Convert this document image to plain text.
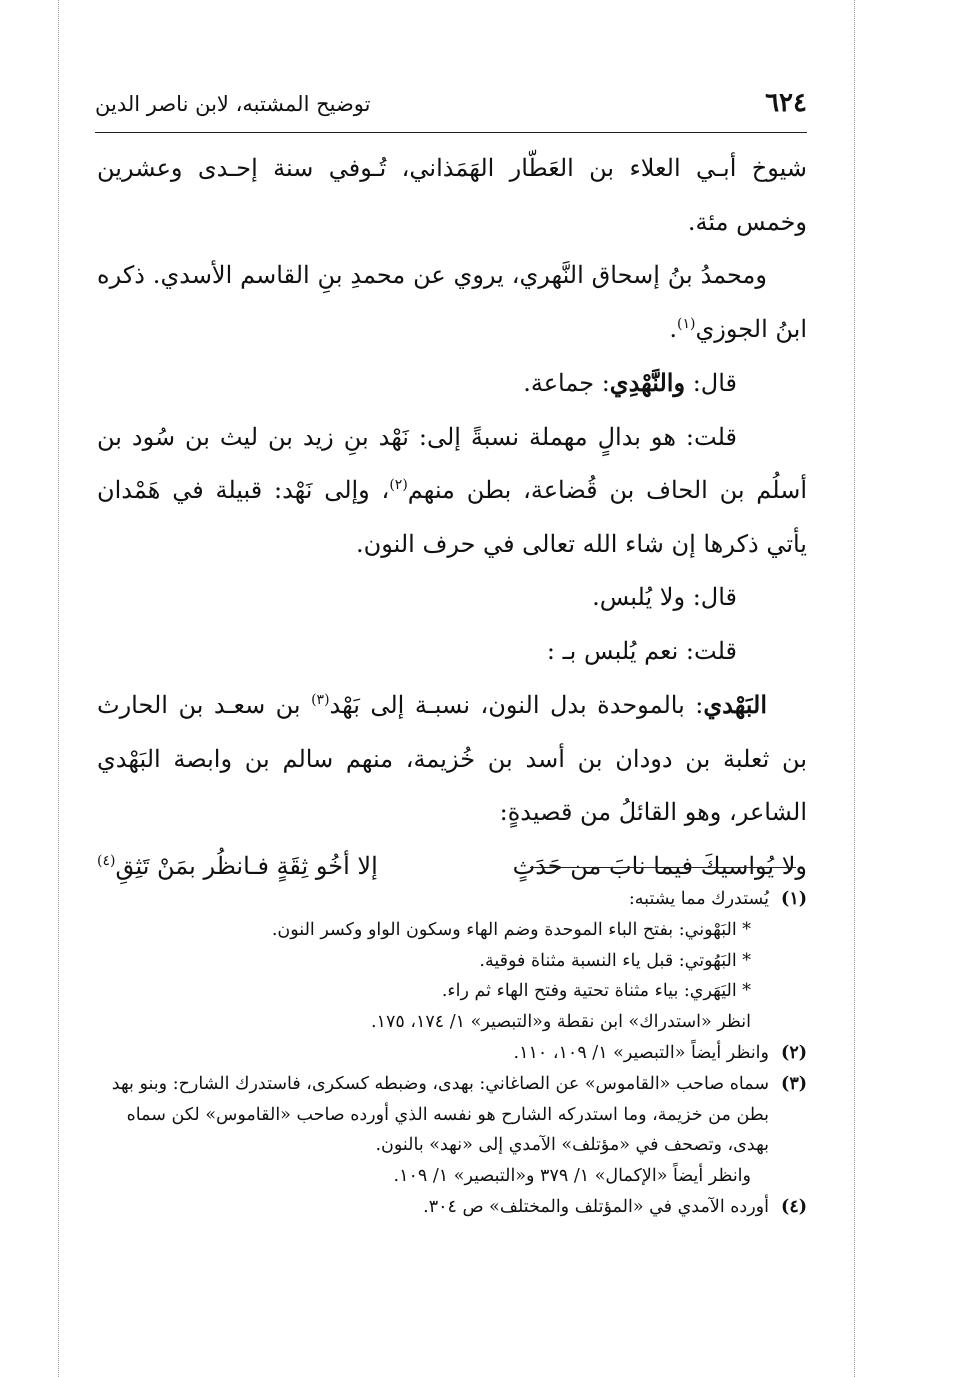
٦٢٤
توضيح المشتبه، لابن ناصر الدين

شيوخ أبـي العلاء بن العَطّار الهَمَذاني، تُـوفي سنة إحـدى وعشرين وخمس مئة.

ومحمدُ بنُ إسحاق النَّهري، يروي عن محمدِ بنِ القاسم الأسدي. ذكره ابنُ الجوزي$^{(١)}$.

قال: والنَّهْدِي: جماعة.

قلت: هو بدالٍ مهملة نسبةً إلى: نَهْد بنِ زيد بن ليث بن سُود بن أسلُم بن الحاف بن قُضاعة، بطن منهم$^{(٢)}$، وإلى نَهْد: قبيلة في هَمْدان يأتي ذكرها إن شاء الله تعالى في حرف النون.

قال: ولا يُلبس.

قلت: نعم يُلبس بـ :

البَهْدي: بالموحدة بدل النون، نسبـة إلى بَهْد$^{(٣)}$ بن سعـد بن الحارث بن ثعلبة بن دودان بن أسد بن خُزيمة، منهم سالم بن وابصة البَهْدي الشاعر، وهو القائلُ من قصيدةٍ:

ولا يُواسيكَ فيما نابَ من حَدَثٍ
إلا أخُو ثِقَةٍ فـانظُر بمَنْ تَثِقِ$^{(٤)}$
(١)
يُستدرك مما يشتبه:
* البَهْوني: بفتح الباء الموحدة وضم الهاء وسكون الواو وكسر النون.
* البَهُوتي: قبل ياء النسبة مثناة فوقية.
* اليَهَري: بياء مثناة تحتية وفتح الهاء ثم راء.
انظر «استدراك» ابن نقطة و«التبصير» ١/ ١٧٤، ١٧٥.
(٢)
وانظر أيضاً «التبصير» ١/ ١٠٩، ١١٠.
(٣)
سماه صاحب «القاموس» عن الصاغاني: بهدى، وضبطه كسكرى، فاستدرك الشارح: وبنو بهد بطن من خزيمة، وما استدركه الشارح هو نفسه الذي أورده صاحب «القاموس» لكن سماه بهدى، وتصحف في «مؤتلف» الآمدي إلى «نهد» بالنون.
وانظر أيضاً «الإكمال» ١/ ٣٧٩ و«التبصير» ١/ ١٠٩.
(٤)
أورده الآمدي في «المؤتلف والمختلف» ص ٣٠٤.
